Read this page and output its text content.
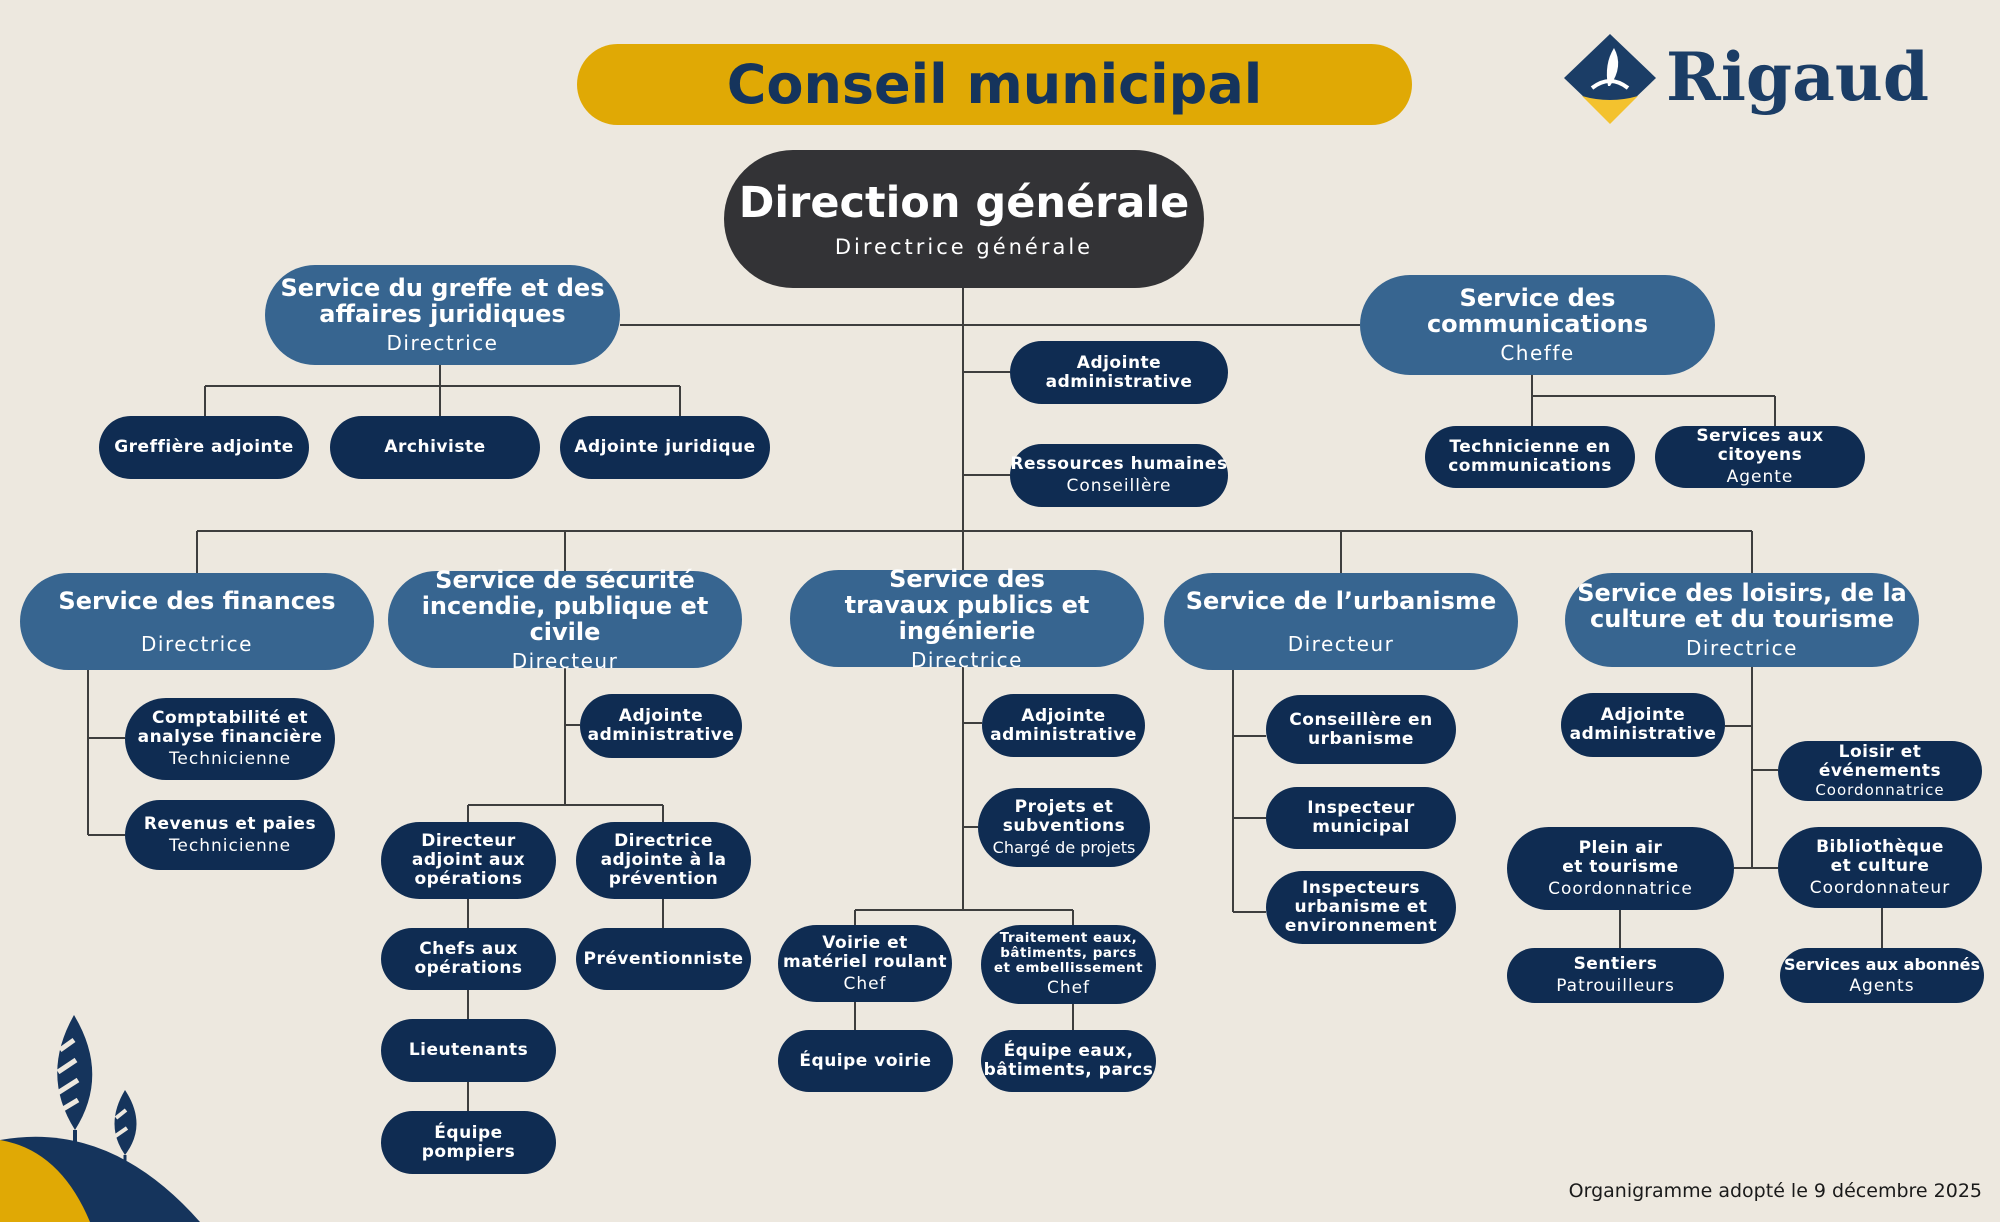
Conseil municipal	Rigaud
Direction générale
Directrice générale
Service du greffe et des
affaires juridiques
Directrice
Greffière adjointe	Archiviste	Adjointe juridique
Service des
communications
Cheffe
Technicienne en
communications
Services aux citoyens
Agente
Adjointe
administrative
Ressources humaines
Conseillère
Service des finances
Directrice
Comptabilité et
analyse financière
Technicienne
Revenus et paies
Technicienne
Service de sécurité
incendie, publique et civile
Directeur
Adjointe
administrative
Directeur
adjoint aux
opérations
Directrice
adjointe à la
prévention
Chefs aux
opérations	Préventionniste
Lieutenants
Équipe
pompiers
Service des
travaux publics et ingénierie
Directrice
Adjointe
administrative
Projets et
subventions
Chargé de projets
Voirie et
matériel roulant
Chef
Traitement eaux,
bâtiments, parcs
et embellissement
Chef
Équipe voirie	Équipe eaux,
bâtiments, parcs
Service de l’urbanisme
Directeur
Conseillère en
urbanisme
Inspecteur
municipal
Inspecteurs
urbanisme et
environnement
Service des loisirs, de la
culture et du tourisme
Directrice
Adjointe
administrative
Loisir et
événements
Coordonnatrice
Plein air
et tourisme
Coordonnatrice
Bibliothèque
et culture
Coordonnateur
Sentiers
Patrouilleurs
Services aux abonnés
Agents
Organigramme adopté le 9 décembre 2025
